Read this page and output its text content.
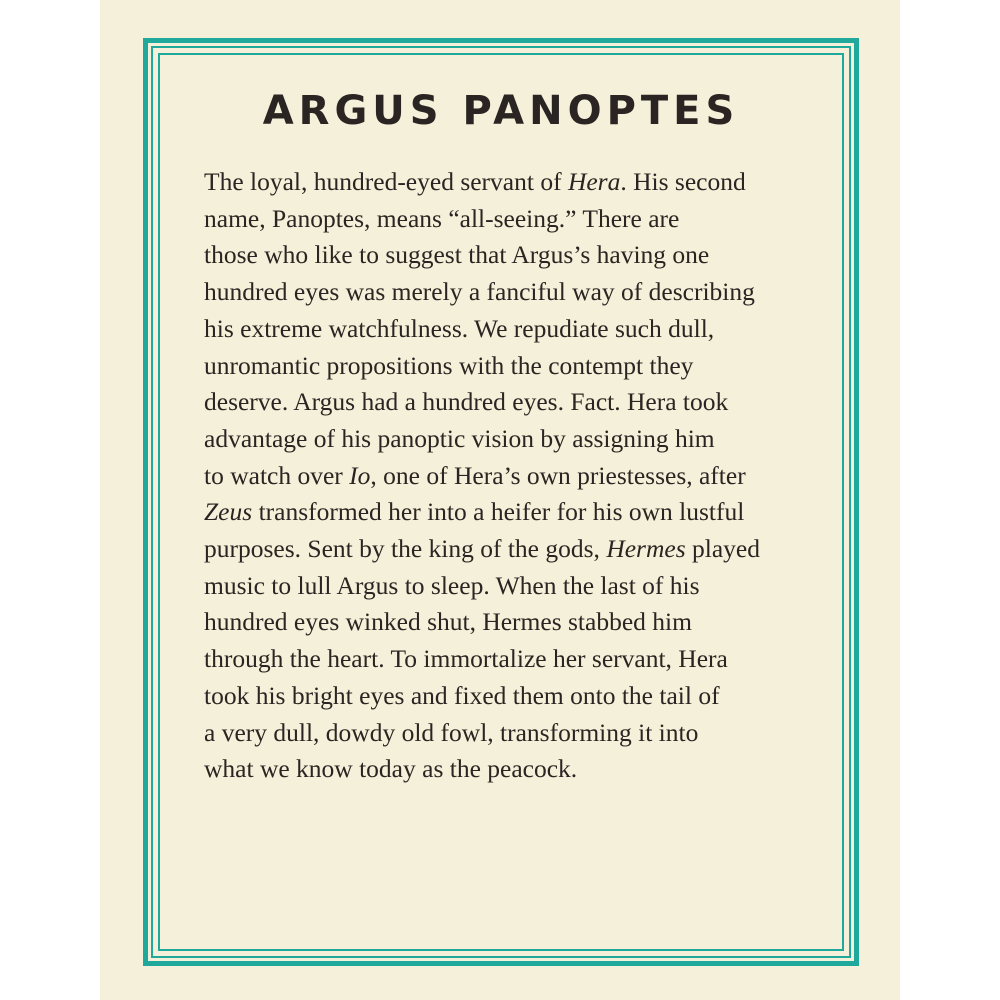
ARGUS PANOPTES
The loyal, hundred-eyed servant of Hera. His second
name, Panoptes, means “all-seeing.” There are
those who like to suggest that Argus’s having one
hundred eyes was merely a fanciful way of describing
his extreme watchfulness. We repudiate such dull,
unromantic propositions with the contempt they
deserve. Argus had a hundred eyes. Fact. Hera took
advantage of his panoptic vision by assigning him
to watch over Io, one of Hera’s own priestesses, after
Zeus transformed her into a heifer for his own lustful
purposes. Sent by the king of the gods, Hermes played
music to lull Argus to sleep. When the last of his
hundred eyes winked shut, Hermes stabbed him
through the heart. To immortalize her servant, Hera
took his bright eyes and fixed them onto the tail of
a very dull, dowdy old fowl, transforming it into
what we know today as the peacock.
